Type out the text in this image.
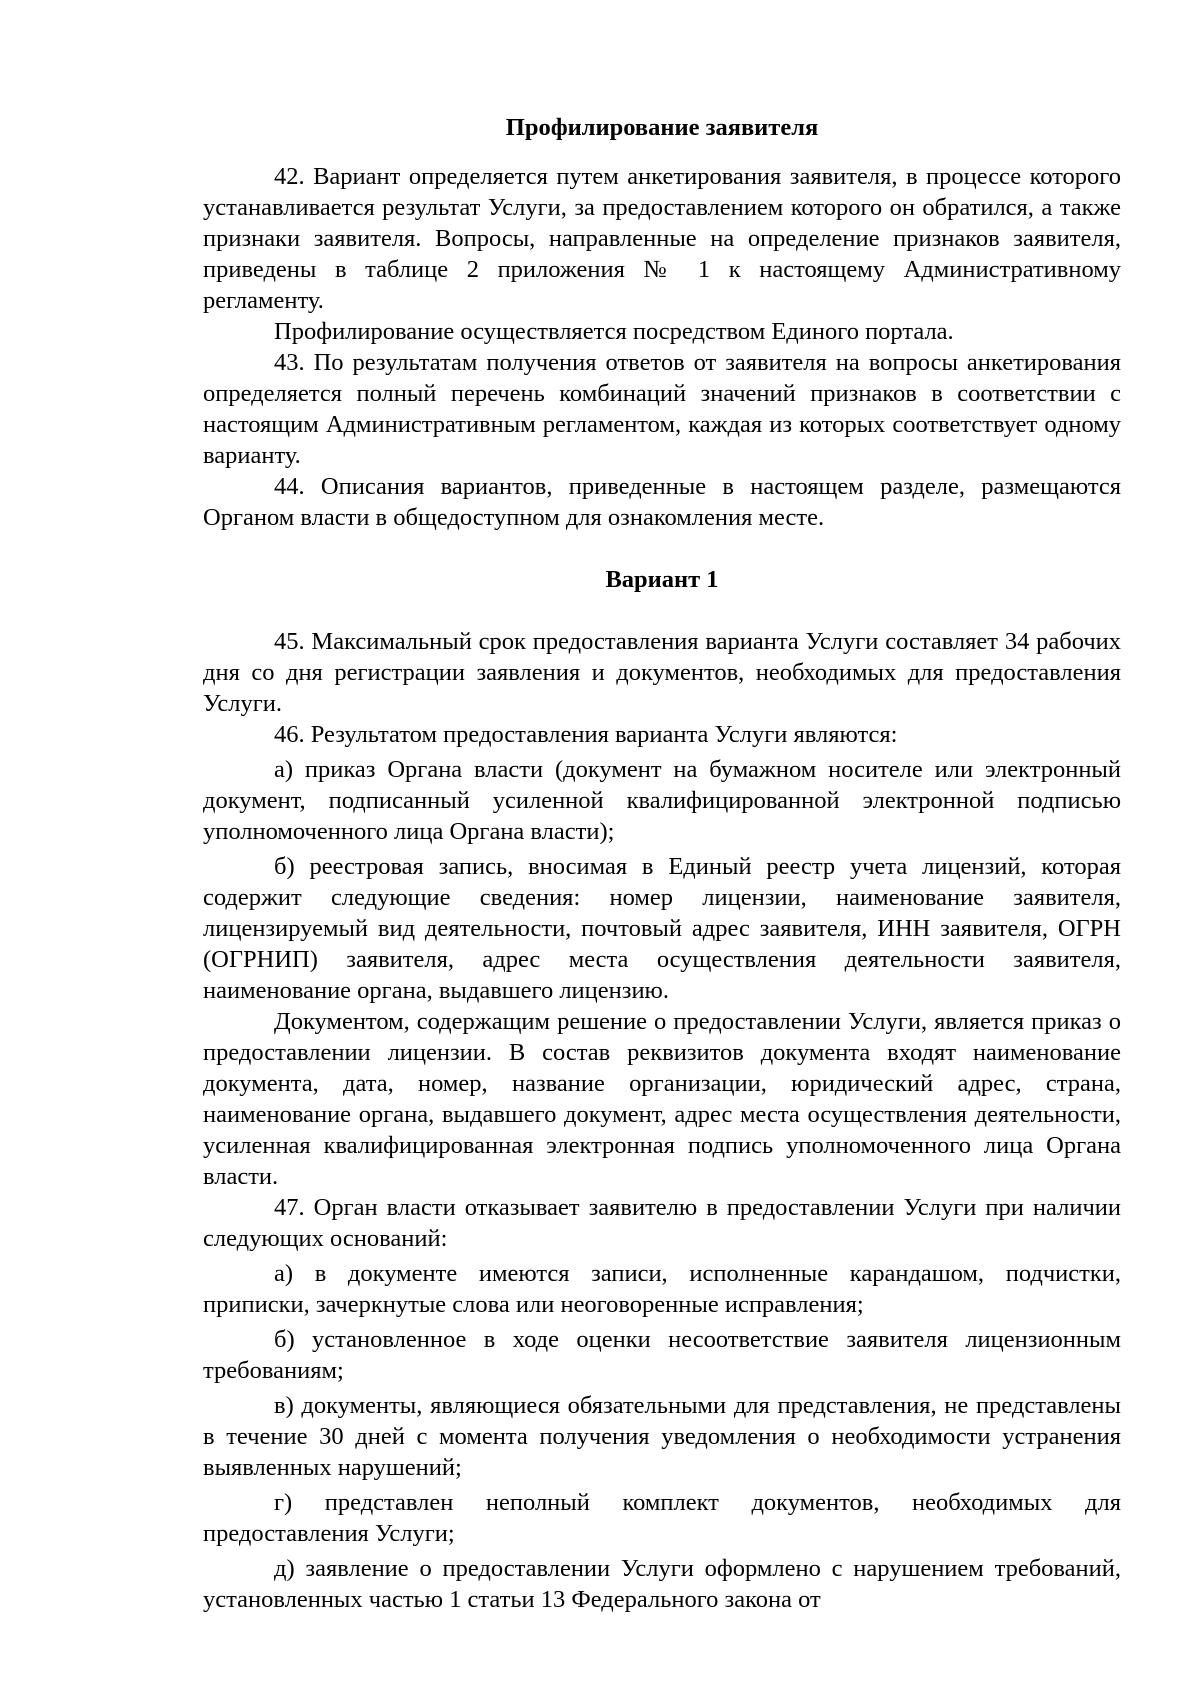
Профилирование заявителя

42. Вариант определяется путем анкетирования заявителя, в процессе которого устанавливается результат Услуги, за предоставлением которого он обратился, а также признаки заявителя. Вопросы, направленные на определение признаков заявителя, приведены в таблице 2 приложения № 1 к настоящему Административному регламенту.

Профилирование осуществляется посредством Единого портала.

43. По результатам получения ответов от заявителя на вопросы анкетирования определяется полный перечень комбинаций значений признаков в соответствии с настоящим Административным регламентом, каждая из которых соответствует одному варианту.

44. Описания вариантов, приведенные в настоящем разделе, размещаются Органом власти в общедоступном для ознакомления месте.

Вариант 1

45. Максимальный срок предоставления варианта Услуги составляет 34 рабочих дня со дня регистрации заявления и документов, необходимых для предоставления Услуги.

46. Результатом предоставления варианта Услуги являются:

а) приказ Органа власти (документ на бумажном носителе или электронный документ, подписанный усиленной квалифицированной электронной подписью уполномоченного лица Органа власти);

б) реестровая запись, вносимая в Единый реестр учета лицензий, которая содержит следующие сведения: номер лицензии, наименование заявителя, лицензируемый вид деятельности, почтовый адрес заявителя, ИНН заявителя, ОГРН (ОГРНИП) заявителя, адрес места осуществления деятельности заявителя, наименование органа, выдавшего лицензию.

Документом, содержащим решение о предоставлении Услуги, является приказ о предоставлении лицензии. В состав реквизитов документа входят наименование документа, дата, номер, название организации, юридический адрес, страна, наименование органа, выдавшего документ, адрес места осуществления деятельности, усиленная квалифицированная электронная подпись уполномоченного лица Органа власти.

47. Орган власти отказывает заявителю в предоставлении Услуги при наличии следующих оснований:

а) в документе имеются записи, исполненные карандашом, подчистки, приписки, зачеркнутые слова или неоговоренные исправления;

б) установленное в ходе оценки несоответствие заявителя лицензионным требованиям;

в) документы, являющиеся обязательными для представления, не представлены в течение 30 дней с момента получения уведомления о необходимости устранения выявленных нарушений;

г) представлен неполный комплект документов, необходимых для предоставления Услуги;

д) заявление о предоставлении Услуги оформлено с нарушением требований, установленных частью 1 статьи 13 Федерального закона от
